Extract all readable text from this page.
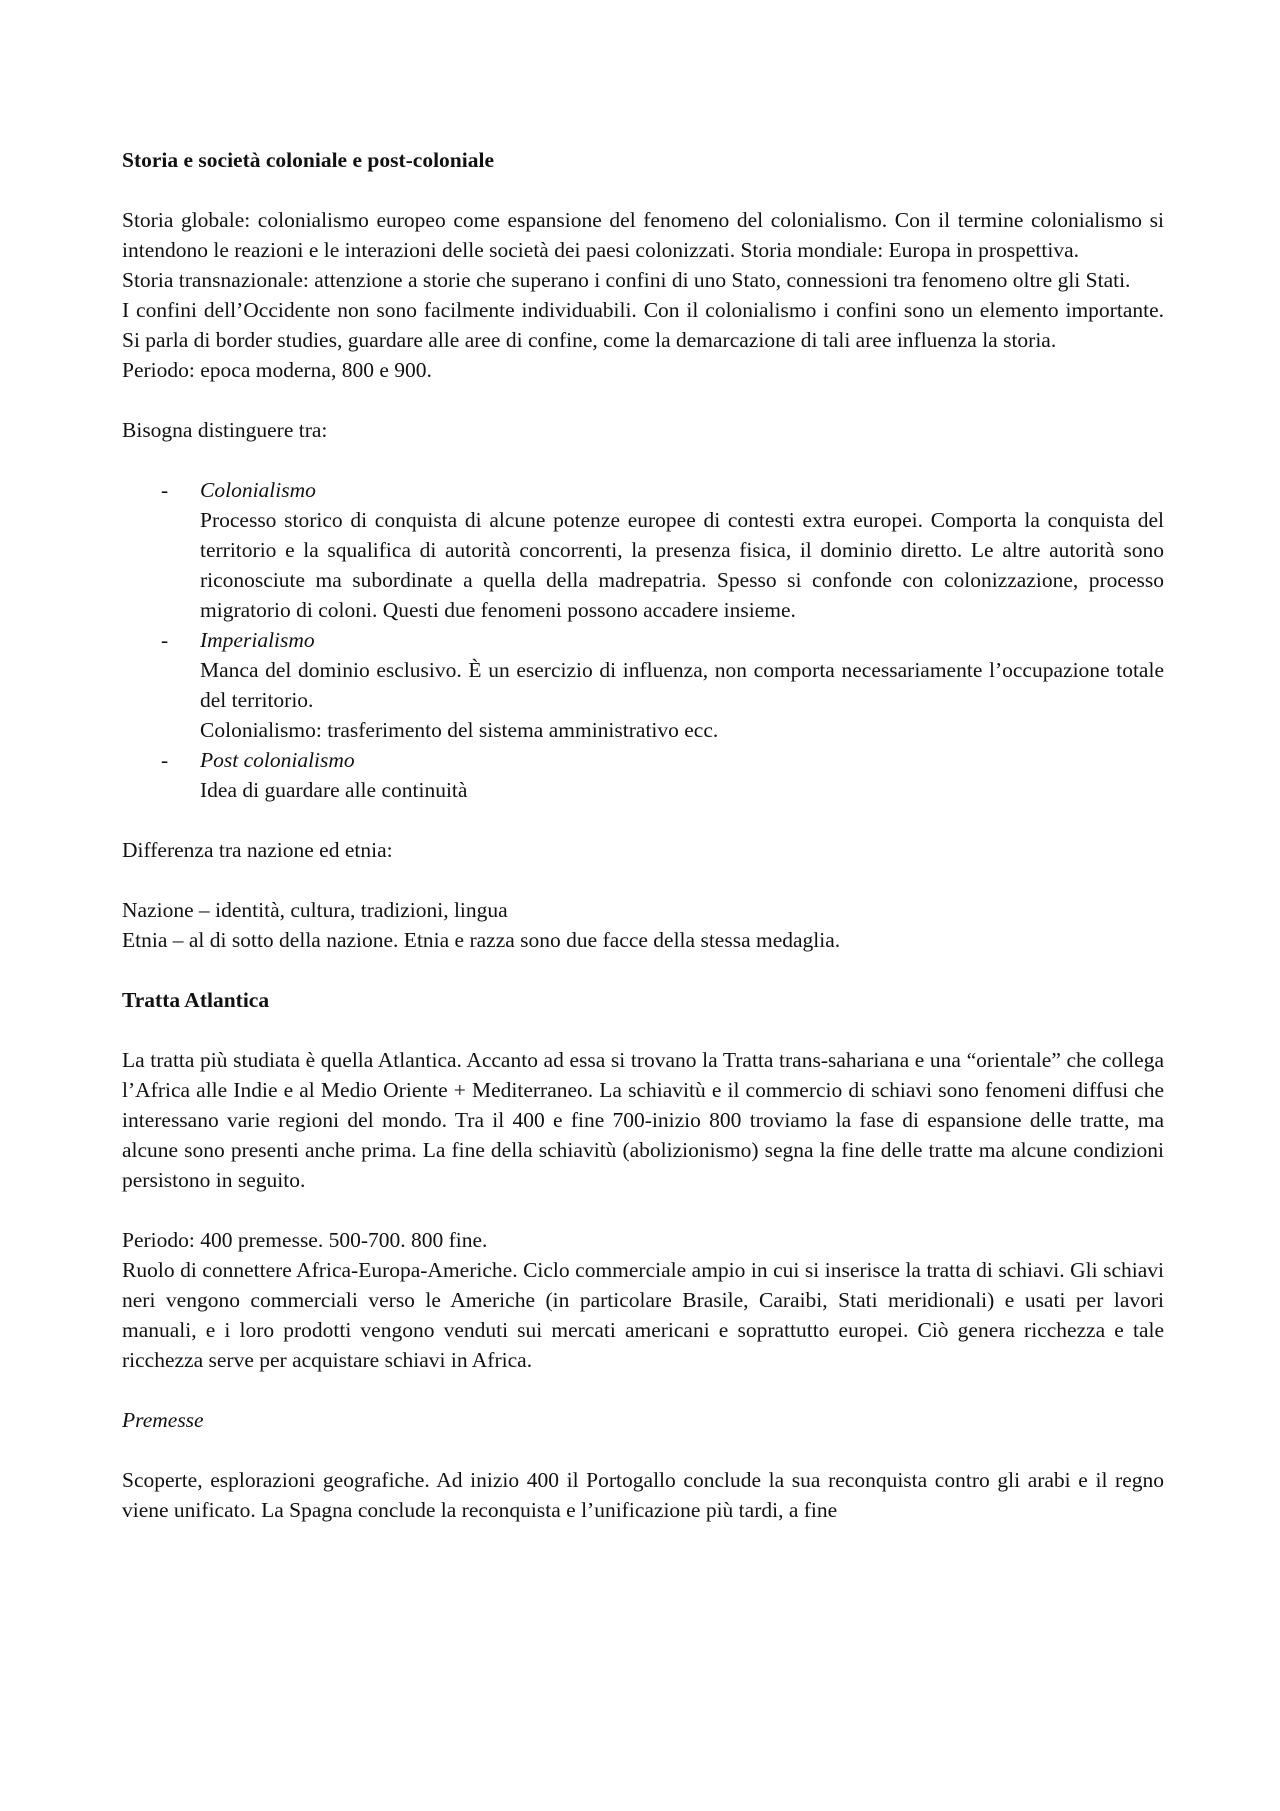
Storia e società coloniale e post-coloniale

Storia globale: colonialismo europeo come espansione del fenomeno del colonialismo. Con il termine colonialismo si intendono le reazioni e le interazioni delle società dei paesi colonizzati. Storia mondiale: Europa in prospettiva.

Storia transnazionale: attenzione a storie che superano i confini di uno Stato, connessioni tra fenomeno oltre gli Stati.

I confini dell’Occidente non sono facilmente individuabili. Con il colonialismo i confini sono un elemento importante. Si parla di border studies, guardare alle aree di confine, come la demarcazione di tali aree influenza la storia.

Periodo: epoca moderna, 800 e 900.

Bisogna distinguere tra:

- Colonialismo
Processo storico di conquista di alcune potenze europee di contesti extra europei. Comporta la conquista del territorio e la squalifica di autorità concorrenti, la presenza fisica, il dominio diretto. Le altre autorità sono riconosciute ma subordinate a quella della madrepatria. Spesso si confonde con colonizzazione, processo migratorio di coloni. Questi due fenomeni possono accadere insieme.
- Imperialismo
Manca del dominio esclusivo. È un esercizio di influenza, non comporta necessariamente l’occupazione totale del territorio.
Colonialismo: trasferimento del sistema amministrativo ecc.
- Post colonialismo
Idea di guardare alle continuità

Differenza tra nazione ed etnia:

Nazione – identità, cultura, tradizioni, lingua

Etnia – al di sotto della nazione. Etnia e razza sono due facce della stessa medaglia.

Tratta Atlantica

La tratta più studiata è quella Atlantica. Accanto ad essa si trovano la Tratta trans-sahariana e una “orientale” che collega l’Africa alle Indie e al Medio Oriente + Mediterraneo. La schiavitù e il commercio di schiavi sono fenomeni diffusi che interessano varie regioni del mondo. Tra il 400 e fine 700-inizio 800 troviamo la fase di espansione delle tratte, ma alcune sono presenti anche prima. La fine della schiavitù (abolizionismo) segna la fine delle tratte ma alcune condizioni persistono in seguito.

Periodo: 400 premesse. 500-700. 800 fine.

Ruolo di connettere Africa-Europa-Americhe. Ciclo commerciale ampio in cui si inserisce la tratta di schiavi. Gli schiavi neri vengono commerciali verso le Americhe (in particolare Brasile, Caraibi, Stati meridionali) e usati per lavori manuali, e i loro prodotti vengono venduti sui mercati americani e soprattutto europei. Ciò genera ricchezza e tale ricchezza serve per acquistare schiavi in Africa.

Premesse

Scoperte, esplorazioni geografiche. Ad inizio 400 il Portogallo conclude la sua reconquista contro gli arabi e il regno viene unificato. La Spagna conclude la reconquista e l’unificazione più tardi, a fine
